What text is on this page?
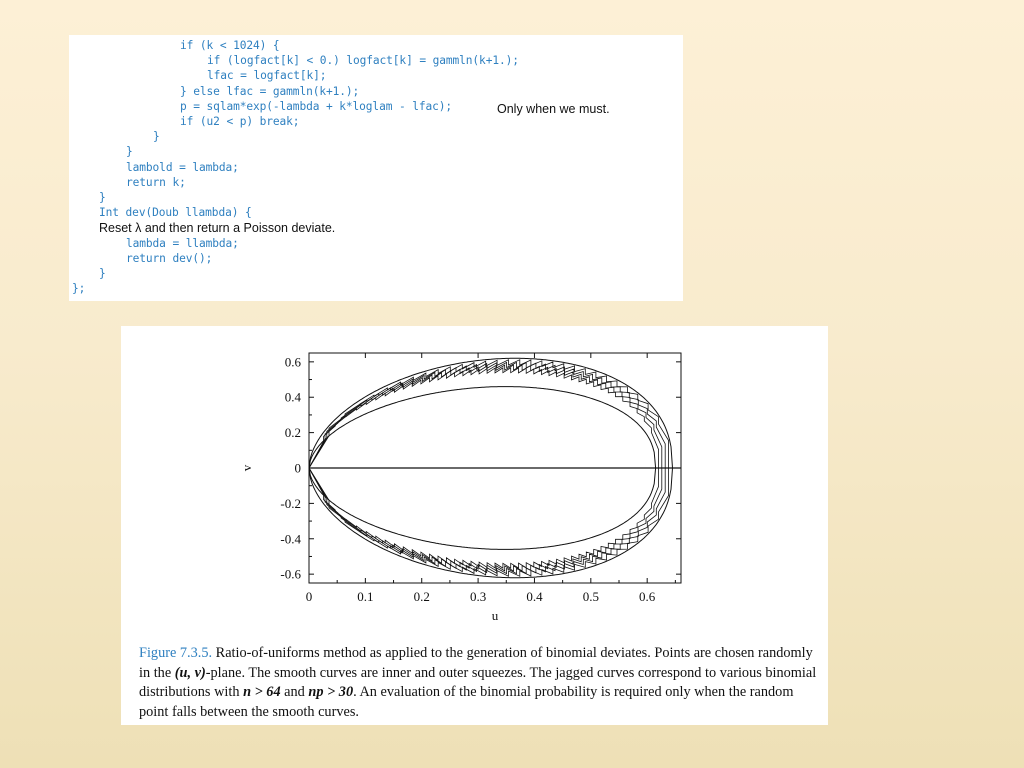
Only when we must.
if (k < 1024) {
if (logfact[k] < 0.) logfact[k] = gammln(k+1.);
lfac = logfact[k];
} else lfac = gammln(k+1.);
p = sqlam*exp(-lambda + k*loglam - lfac);
if (u2 < p) break;
}
}
lambold = lambda;
return k;
}
Int dev(Doub llambda) {
Reset λ and then return a Poisson deviate.
lambda = llambda;
return dev();
}
};
0	0.1	0.2	0.3	0.4	0.5	0.6
0.6
0.4
0.2
0
-0.2
-0.4
-0.6
u
v
Figure 7.3.5. Ratio-of-uniforms method as applied to the generation of binomial deviates. Points are chosen randomly in the (u, v)-plane. The smooth curves are inner and outer squeezes. The jagged curves correspond to various binomial distributions with n > 64 and np > 30. An evaluation of the binomial probability is required only when the random point falls between the smooth curves.
